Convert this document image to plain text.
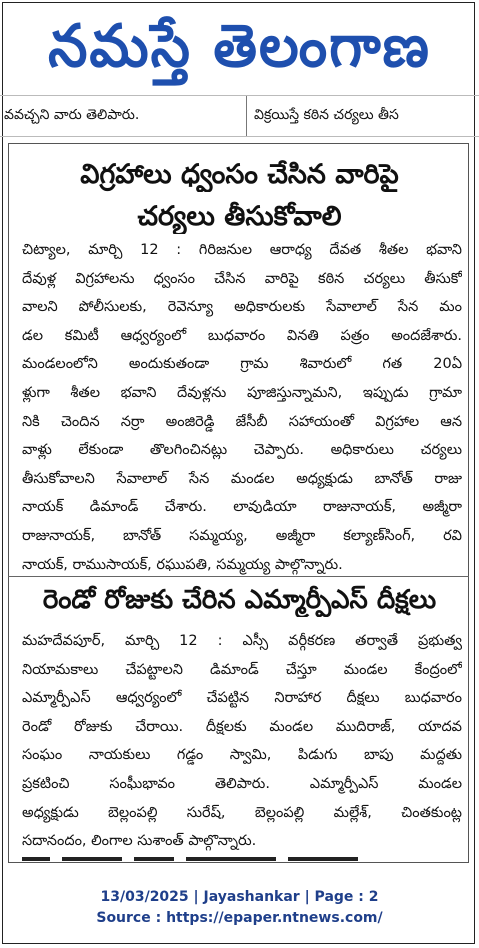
నమస్తే తెలంగాణ
వవచ్చని వారు తెలిపారు.	విక్రయిస్తే కఠిన చర్యలు తీస
విగ్రహాలు ధ్వంసం చేసిన వారిపై
చర్యలు తీసుకోవాలి
చిట్యాల, మార్చి 12 : గిరిజనుల ఆరాధ్య దేవత శీతల భవాని
దేవుళ్ల విగ్రహాలను ధ్వంసం చేసిన వారిపై కఠిన చర్యలు తీసుకో
వాలని పోలీసులకు, రెవెన్యూ అధికారులకు సేవాలాల్ సేన మం
డల కమిటీ ఆధ్వర్యంలో బుధవారం వినతి పత్రం అందజేశారు.
మండలంలోని అందుకుతండా గ్రామ శివారులో గత 20ఏ
ళ్లుగా శీతల భవాని దేవుళ్లను పూజిస్తున్నామని, ఇప్పుడు గ్రామా
నికి చెందిన నర్రా అంజిరెడ్డి జేసీబీ సహాయంతో విగ్రహాల ఆన
వాళ్లు లేకుండా తొలగించినట్లు చెప్పారు. అధికారులు చర్యలు
తీసుకోవాలని సేవాలాల్ సేన మండల అధ్యక్షుడు బానోత్ రాజు
నాయక్ డిమాండ్ చేశారు. లావుడియా రాజునాయక్, అజ్మీరా
రాజునాయక్, బానోత్ సమ్మయ్య, అజ్మీరా కల్యాణ్‌సింగ్, రవి
నాయక్, రాముసాయక్, రఘుపతి, సమ్మయ్య పాల్గొన్నారు.
రెండో రోజుకు చేరిన ఎమ్మార్పీఎస్ దీక్షలు
మహదేవపూర్, మార్చి 12 : ఎస్సీ వర్గీకరణ తర్వాతే ప్రభుత్వ
నియామకాలు చేపట్టాలని డిమాండ్ చేస్తూ మండల కేంద్రంలో
ఎమ్మార్పీఎస్ ఆధ్వర్యంలో చేపట్టిన నిరాహార దీక్షలు బుధవారం
రెండో రోజుకు చేరాయి. దీక్షలకు మండల ముదిరాజ్, యాదవ
సంఘం నాయకులు గడ్డం స్వామి, పిడుగు బాపు మద్దతు
ప్రకటించి సంఘీభావం తెలిపారు. ఎమ్మార్పీఎస్ మండల
అధ్యక్షుడు బెల్లంపల్లి సురేష్, బెల్లంపల్లి మల్లేశ్, చింతకుంట్ల
సదానందం, లింగాల సుశాంత్ పాల్గొన్నారు.
13/03/2025 | Jayashankar | Page : 2
Source : https://epaper.ntnews.com/
